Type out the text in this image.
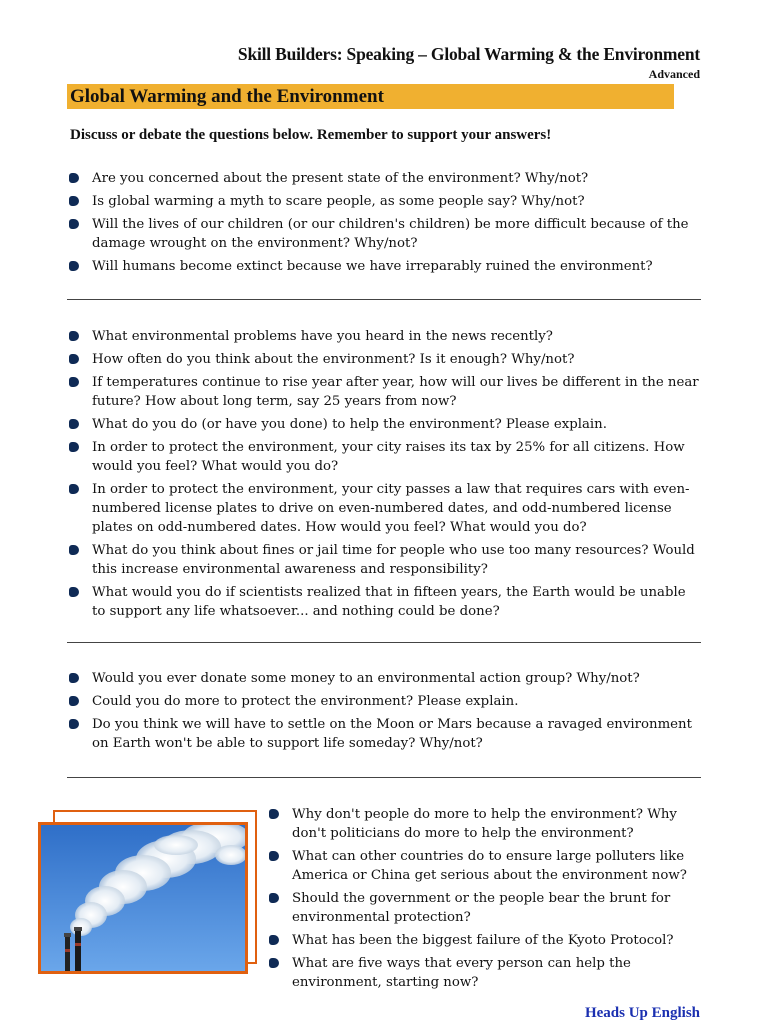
Skill Builders: Speaking – Global Warming & the Environment
Advanced
Global Warming and the Environment
Discuss or debate the questions below. Remember to support your answers!
Are you concerned about the present state of the environment? Why/not?
Is global warming a myth to scare people, as some people say? Why/not?
Will the lives of our children (or our children's children) be more difficult because of the damage wrought on the environment? Why/not?
Will humans become extinct because we have irreparably ruined the environment?
What environmental problems have you heard in the news recently?
How often do you think about the environment? Is it enough? Why/not?
If temperatures continue to rise year after year, how will our lives be different in the near future? How about long term, say 25 years from now?
What do you do (or have you done) to help the environment? Please explain.
In order to protect the environment, your city raises its tax by 25% for all citizens. How would you feel? What would you do?
In order to protect the environment, your city passes a law that requires cars with even-numbered license plates to drive on even-numbered dates, and odd-numbered license plates on odd-numbered dates. How would you feel? What would you do?
What do you think about fines or jail time for people who use too many resources? Would this increase environmental awareness and responsibility?
What would you do if scientists realized that in fifteen years, the Earth would be unable to support any life whatsoever... and nothing could be done?
Would you ever donate some money to an environmental action group? Why/not?
Could you do more to protect the environment? Please explain.
Do you think we will have to settle on the Moon or Mars because a ravaged environment on Earth won't be able to support life someday? Why/not?
Why don't people do more to help the environment? Why don't politicians do more to help the environment?
What can other countries do to ensure large polluters like America or China get serious about the environment now?
Should the government or the people bear the brunt for environmental protection?
What has been the biggest failure of the Kyoto Protocol?
What are five ways that every person can help the environment, starting now?
Heads Up English
